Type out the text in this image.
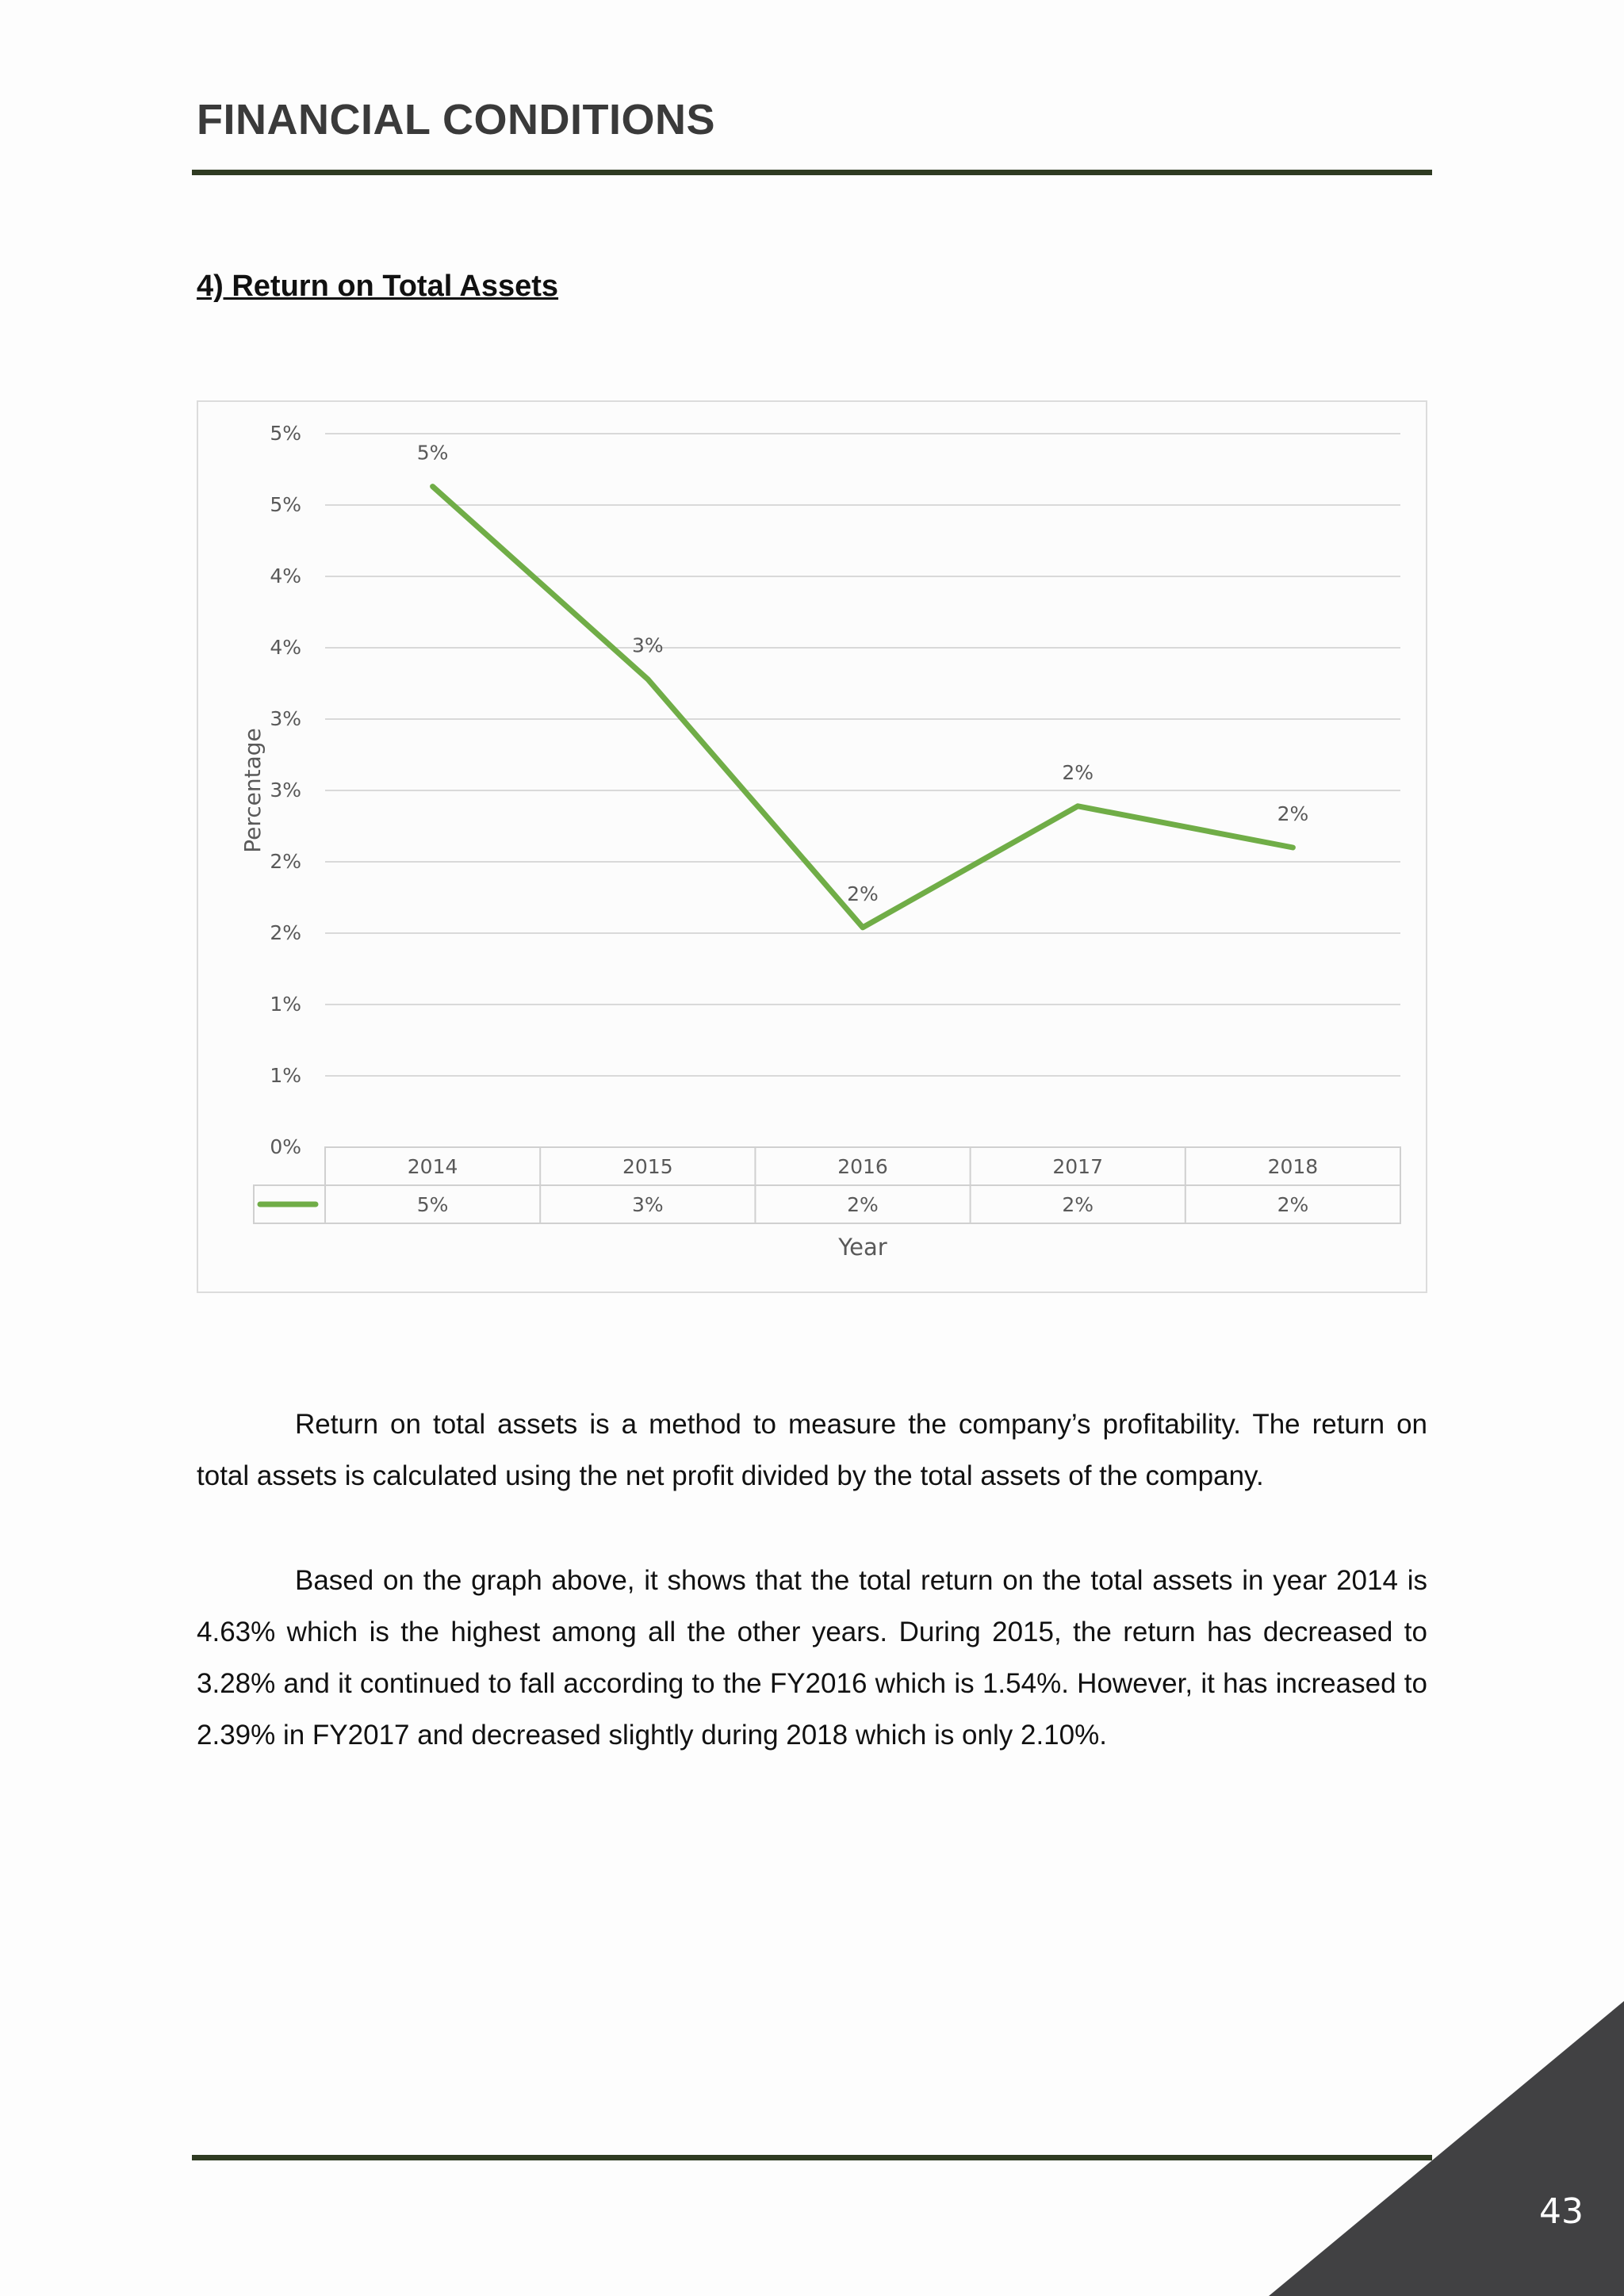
FINANCIAL CONDITIONS
4) Return on Total Assets
0%
1%
1%
2%
2%
3%
3%
4%
4%
5%
5%
Percentage
2014
5%
2015
3%
2016
2%
2017
2%
2018
2%
Year
5%
3%
2%
2%
2%

Return on total assets is a method to measure the company’s profitability. The return on total assets is calculated using the net profit divided by the total assets of the company.

Based on the graph above, it shows that the total return on the total assets in year 2014 is 4.63% which is the highest among all the other years. During 2015, the return has decreased to 3.28% and it continued to fall according to the FY2016 which is 1.54%. However, it has increased to 2.39% in FY2017 and decreased slightly during 2018 which is only 2.10%.

43
